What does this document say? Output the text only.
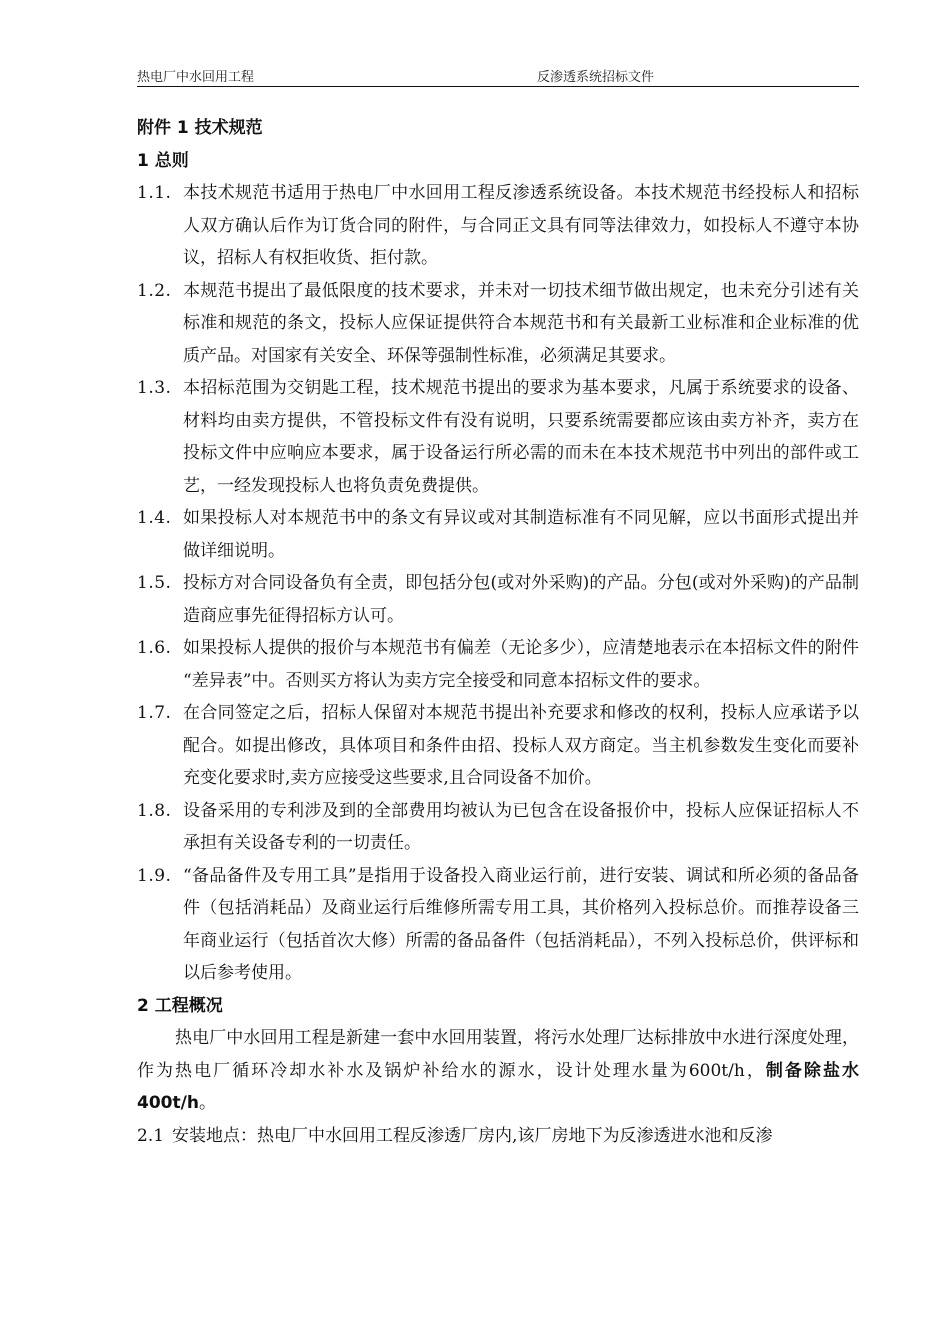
热电厂中水回用工程	反渗透系统招标文件
附件 1 技术规范
1 总则
1.1. 本技术规范书适用于热电厂中水回用工程反渗透系统设备。本技术规范书经投标人和招标人双方确认后作为订货合同的附件，与合同正文具有同等法律效力，如投标人不遵守本协议，招标人有权拒收货、拒付款。
1.2. 本规范书提出了最低限度的技术要求，并未对一切技术细节做出规定，也未充分引述有关标准和规范的条文，投标人应保证提供符合本规范书和有关最新工业标准和企业标准的优质产品。对国家有关安全、环保等强制性标准，必须满足其要求。
1.3. 本招标范围为交钥匙工程，技术规范书提出的要求为基本要求，凡属于系统要求的设备、材料均由卖方提供，不管投标文件有没有说明，只要系统需要都应该由卖方补齐，卖方在投标文件中应响应本要求，属于设备运行所必需的而未在本技术规范书中列出的部件或工艺，一经发现投标人也将负责免费提供。
1.4. 如果投标人对本规范书中的条文有异议或对其制造标准有不同见解，应以书面形式提出并做详细说明。
1.5. 投标方对合同设备负有全责，即包括分包(或对外采购)的产品。分包(或对外采购)的产品制造商应事先征得招标方认可。
1.6. 如果投标人提供的报价与本规范书有偏差（无论多少），应清楚地表示在本招标文件的附件 “差异表”中。否则买方将认为卖方完全接受和同意本招标文件的要求。
1.7. 在合同签定之后，招标人保留对本规范书提出补充要求和修改的权利，投标人应承诺予以配合。如提出修改，具体项目和条件由招、投标人双方商定。当主机参数发生变化而要补充变化要求时,卖方应接受这些要求,且合同设备不加价。
1.8. 设备采用的专利涉及到的全部费用均被认为已包含在设备报价中，投标人应保证招标人不承担有关设备专利的一切责任。
1.9. “备品备件及专用工具”是指用于设备投入商业运行前，进行安装、调试和所必须的备品备件（包括消耗品）及商业运行后维修所需专用工具，其价格列入投标总价。而推荐设备三年商业运行（包括首次大修）所需的备品备件（包括消耗品），不列入投标总价，供评标和以后参考使用。
2 工程概况
热电厂中水回用工程是新建一套中水回用装置，将污水处理厂达标排放中水进行深度处理，作为热电厂循环冷却水补水及锅炉补给水的源水，设计处理水量为600t/h，制备除盐水 400t/h。
2.1 安装地点：热电厂中水回用工程反渗透厂房内,该厂房地下为反渗透进水池和反渗
